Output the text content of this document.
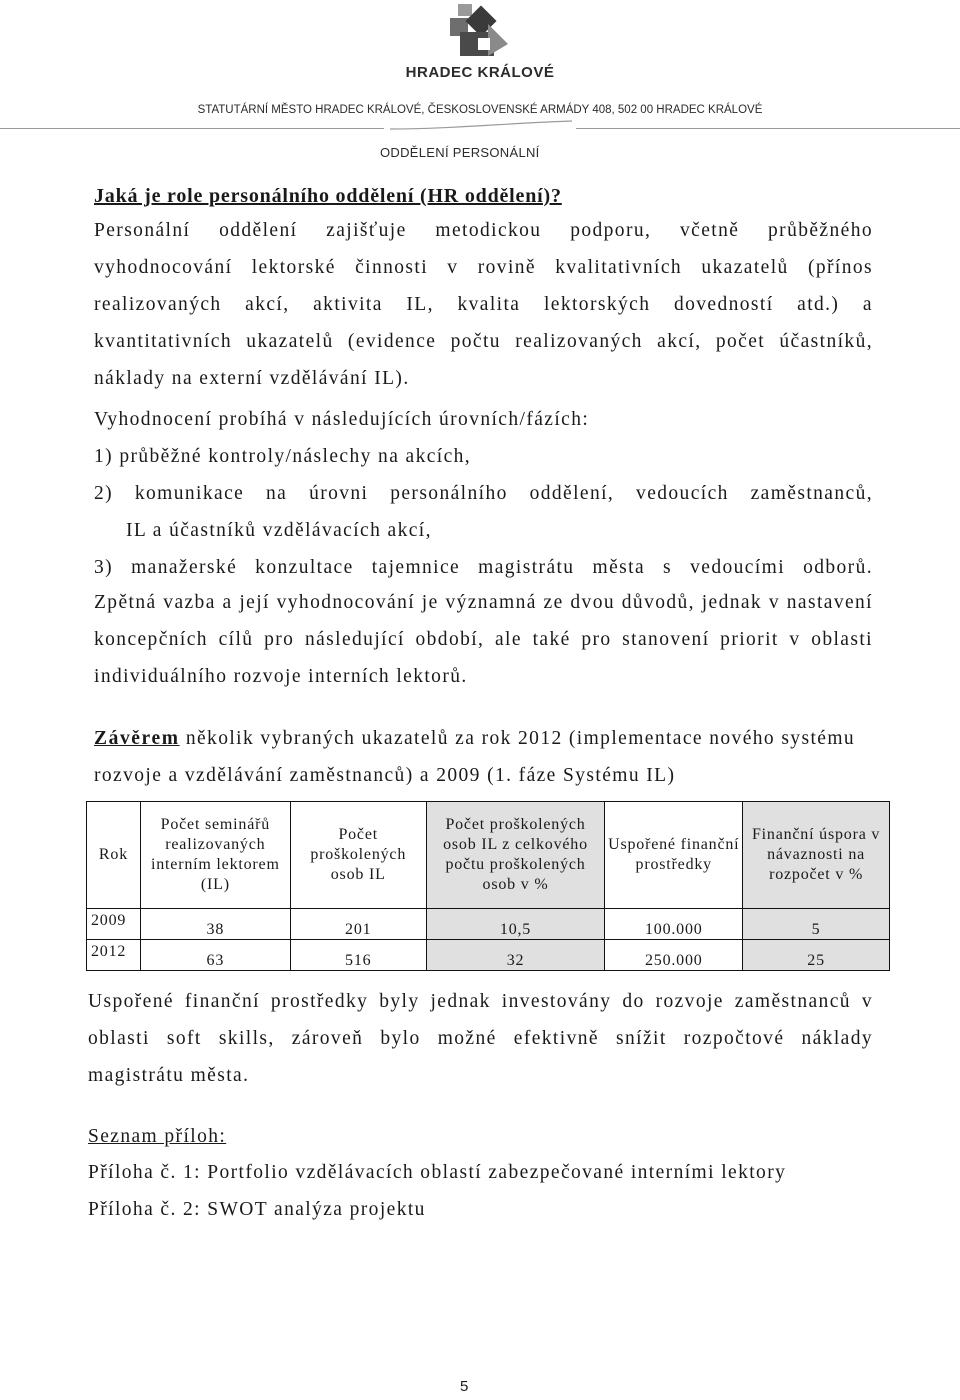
HRADEC KRÁLOVÉ
STATUTÁRNÍ MĚSTO HRADEC KRÁLOVÉ, ČESKOSLOVENSKÉ ARMÁDY 408, 502 00 HRADEC KRÁLOVÉ
ODDĚLENÍ PERSONÁLNÍ
Jaká je role personálního oddělení (HR oddělení)?
Personální oddělení zajišťuje metodickou podporu, včetně průběžného vyhodnocování lektorské činnosti v rovině kvalitativních ukazatelů (přínos realizovaných akcí, aktivita IL, kvalita lektorských dovedností atd.) a kvantitativních ukazatelů (evidence počtu realizovaných akcí, počet účastníků, náklady na externí vzdělávání IL).
Vyhodnocení probíhá v následujících úrovních/fázích:
1) průběžné kontroly/náslechy na akcích,
2) komunikace na úrovni personálního oddělení, vedoucích zaměstnanců,
IL a účastníků vzdělávacích akcí,
3) manažerské konzultace tajemnice magistrátu města s vedoucími odborů.
Zpětná vazba a její vyhodnocování je významná ze dvou důvodů, jednak v nastavení koncepčních cílů pro následující období, ale také pro stanovení priorit v oblasti individuálního rozvoje interních lektorů.
Závěrem několik vybraných ukazatelů za rok 2012 (implementace nového systému rozvoje a vzdělávání zaměstnanců) a 2009 (1. fáze Systému IL)
Rok	Počet seminářů realizovaných interním lektorem (IL)	Počet proškolených osob IL	Počet proškolených osob IL z celkového počtu proškolených osob v %	Uspořené finanční prostředky	Finanční úspora v návaznosti na rozpočet v %
2009	38	201	10,5	100.000	5
2012	63	516	32	250.000	25
Uspořené finanční prostředky byly jednak investovány do rozvoje zaměstnanců v oblasti soft skills, zároveň bylo možné efektivně snížit rozpočtové náklady magistrátu města.
Seznam příloh:
Příloha č. 1: Portfolio vzdělávacích oblastí zabezpečované interními lektory
Příloha č. 2: SWOT analýza projektu
5
